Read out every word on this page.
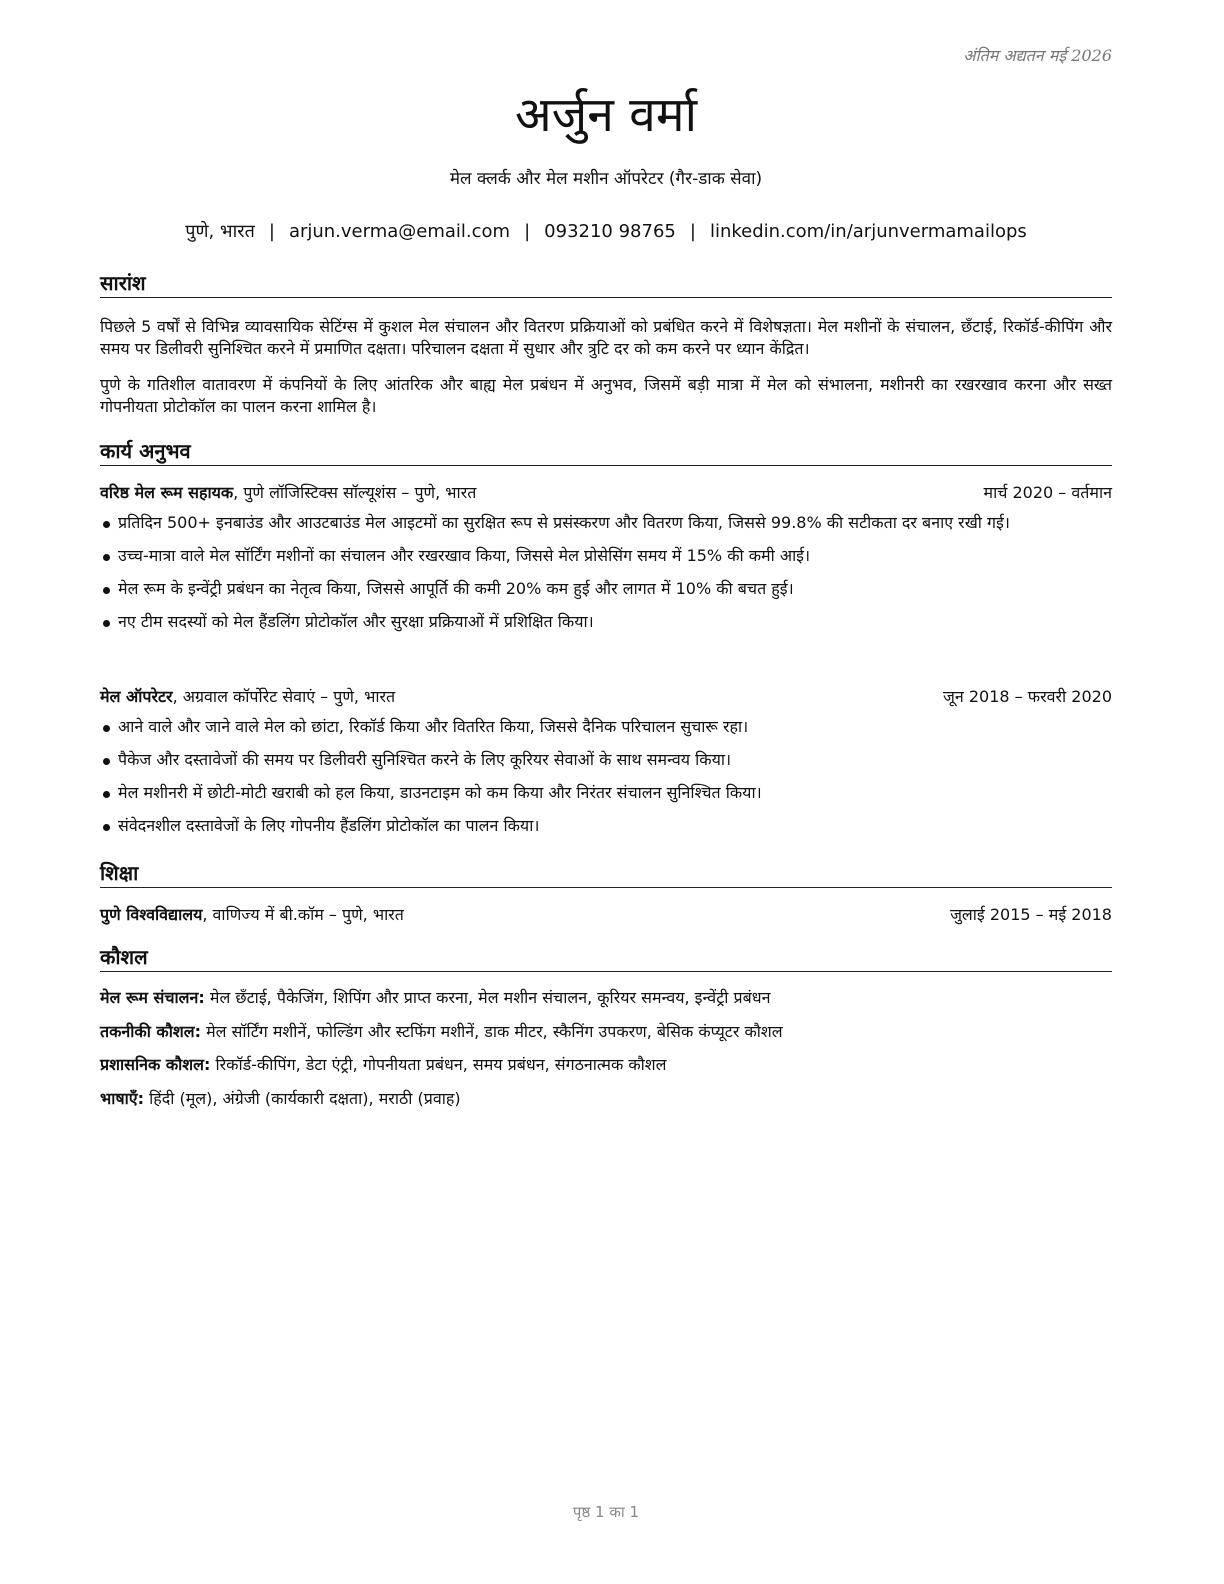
अंतिम अद्यतन मई 2026
अर्जुन वर्मा
मेल क्लर्क और मेल मशीन ऑपरेटर (गैर-डाक सेवा)
पुणे, भारत | arjun.verma@email.com | 093210 98765 | linkedin.com/in/arjunvermamailops
सारांश
पिछले 5 वर्षों से विभिन्न व्यावसायिक सेटिंग्स में कुशल मेल संचालन और वितरण प्रक्रियाओं को प्रबंधित करने में विशेषज्ञता। मेल मशीनों के संचालन, छँटाई, रिकॉर्ड-कीपिंग और समय पर डिलीवरी सुनिश्चित करने में प्रमाणित दक्षता। परिचालन दक्षता में सुधार और त्रुटि दर को कम करने पर ध्यान केंद्रित।
पुणे के गतिशील वातावरण में कंपनियों के लिए आंतरिक और बाह्य मेल प्रबंधन में अनुभव, जिसमें बड़ी मात्रा में मेल को संभालना, मशीनरी का रखरखाव करना और सख्त गोपनीयता प्रोटोकॉल का पालन करना शामिल है।
कार्य अनुभव
वरिष्ठ मेल रूम सहायक, पुणे लॉजिस्टिक्स सॉल्यूशंस – पुणे, भारत	मार्च 2020 – वर्तमान
प्रतिदिन 500+ इनबाउंड और आउटबाउंड मेल आइटमों का सुरक्षित रूप से प्रसंस्करण और वितरण किया, जिससे 99.8% की सटीकता दर बनाए रखी गई।
उच्च-मात्रा वाले मेल सॉर्टिंग मशीनों का संचालन और रखरखाव किया, जिससे मेल प्रोसेसिंग समय में 15% की कमी आई।
मेल रूम के इन्वेंट्री प्रबंधन का नेतृत्व किया, जिससे आपूर्ति की कमी 20% कम हुई और लागत में 10% की बचत हुई।
नए टीम सदस्यों को मेल हैंडलिंग प्रोटोकॉल और सुरक्षा प्रक्रियाओं में प्रशिक्षित किया।
मेल ऑपरेटर, अग्रवाल कॉर्पोरेट सेवाएं – पुणे, भारत	जून 2018 – फरवरी 2020
आने वाले और जाने वाले मेल को छांटा, रिकॉर्ड किया और वितरित किया, जिससे दैनिक परिचालन सुचारू रहा।
पैकेज और दस्तावेजों की समय पर डिलीवरी सुनिश्चित करने के लिए कूरियर सेवाओं के साथ समन्वय किया।
मेल मशीनरी में छोटी-मोटी खराबी को हल किया, डाउनटाइम को कम किया और निरंतर संचालन सुनिश्चित किया।
संवेदनशील दस्तावेजों के लिए गोपनीय हैंडलिंग प्रोटोकॉल का पालन किया।
शिक्षा
पुणे विश्वविद्यालय, वाणिज्य में बी.कॉम – पुणे, भारत	जुलाई 2015 – मई 2018
कौशल
मेल रूम संचालन: मेल छँटाई, पैकेजिंग, शिपिंग और प्राप्त करना, मेल मशीन संचालन, कूरियर समन्वय, इन्वेंट्री प्रबंधन
तकनीकी कौशल: मेल सॉर्टिंग मशीनें, फोल्डिंग और स्टफिंग मशीनें, डाक मीटर, स्कैनिंग उपकरण, बेसिक कंप्यूटर कौशल
प्रशासनिक कौशल: रिकॉर्ड-कीपिंग, डेटा एंट्री, गोपनीयता प्रबंधन, समय प्रबंधन, संगठनात्मक कौशल
भाषाएँ: हिंदी (मूल), अंग्रेजी (कार्यकारी दक्षता), मराठी (प्रवाह)
पृष्ठ 1 का 1
